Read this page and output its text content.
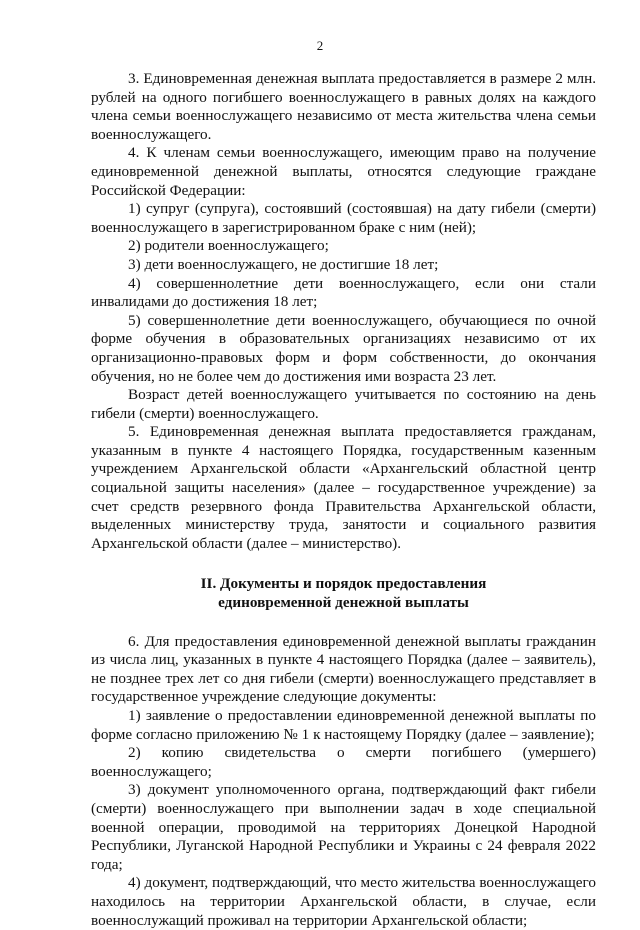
2

3. Единовременная денежная выплата предоставляется в размере 2 млн. рублей на одного погибшего военнослужащего в равных долях на каждого члена семьи военнослужащего независимо от места жительства члена семьи военнослужащего.

4. К членам семьи военнослужащего, имеющим право на получение единовременной денежной выплаты, относятся следующие граждане Российской Федерации:

1) супруг (супруга), состоявший (состоявшая) на дату гибели (смерти) военнослужащего в зарегистрированном браке с ним (ней);

2) родители военнослужащего;

3) дети военнослужащего, не достигшие 18 лет;

4) совершеннолетние дети военнослужащего, если они стали инвалидами до достижения 18 лет;

5) совершеннолетние дети военнослужащего, обучающиеся по очной форме обучения в образовательных организациях независимо от их организационно-правовых форм и форм собственности, до окончания обучения, но не более чем до достижения ими возраста 23 лет.

Возраст детей военнослужащего учитывается по состоянию на день гибели (смерти) военнослужащего.

5. Единовременная денежная выплата предоставляется гражданам, указанным в пункте 4 настоящего Порядка, государственным казенным учреждением Архангельской области «Архангельский областной центр социальной защиты населения» (далее – государственное учреждение) за счет средств резервного фонда Правительства Архангельской области, выделенных министерству труда, занятости и социального развития Архангельской области (далее – министерство).

II. Документы и порядок предоставления
единовременной денежной выплаты

6. Для предоставления единовременной денежной выплаты гражданин из числа лиц, указанных в пункте 4 настоящего Порядка (далее – заявитель), не позднее трех лет со дня гибели (смерти) военнослужащего представляет в государственное учреждение следующие документы:

1) заявление о предоставлении единовременной денежной выплаты по форме согласно приложению № 1 к настоящему Порядку (далее – заявление);

2) копию свидетельства о смерти погибшего (умершего) военнослужащего;

3) документ уполномоченного органа, подтверждающий факт гибели (смерти) военнослужащего при выполнении задач в ходе специальной военной операции, проводимой на территориях Донецкой Народной Республики, Луганской Народной Республики и Украины с 24 февраля 2022 года;

4) документ, подтверждающий, что место жительства военнослужащего находилось на территории Архангельской области, в случае, если военнослужащий проживал на территории Архангельской области;
